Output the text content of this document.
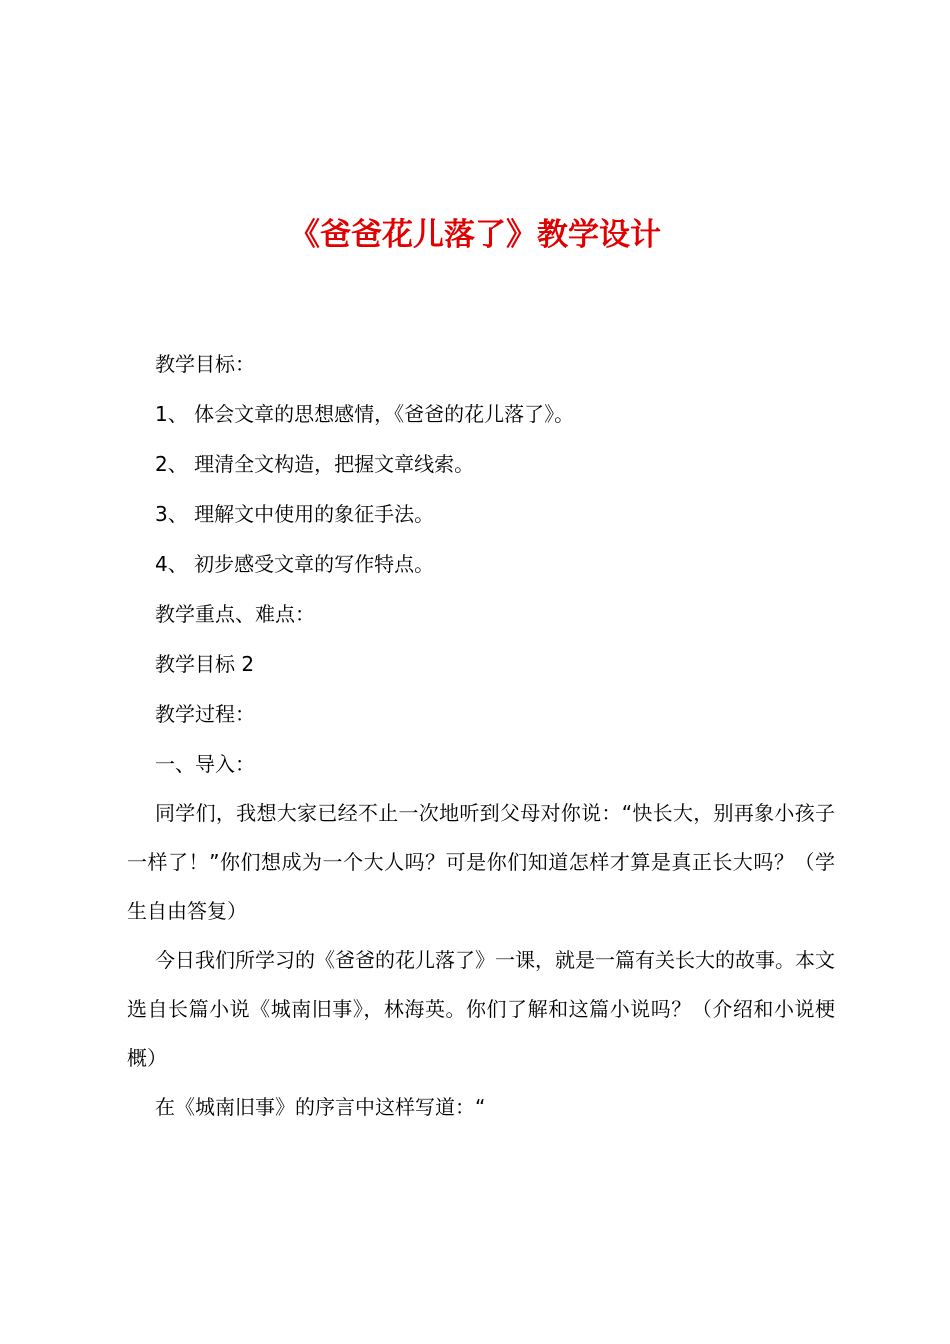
《爸爸花儿落了》教学设计
教学目标：
1、 体会文章的思想感情，《爸爸的花儿落了》。
2、 理清全文构造，把握文章线索。
3、 理解文中使用的象征手法。
4、 初步感受文章的写作特点。
教学重点、难点：
教学目标 2
教学过程：
一、导入：
同学们，我想大家已经不止一次地听到父母对你说：“快长大，别再象小孩子一样了！”你们想成为一个大人吗？可是你们知道怎样才算是真正长大吗？（学生自由答复）
今日我们所学习的《爸爸的花儿落了》一课，就是一篇有关长大的故事。本文选自长篇小说《城南旧事》，林海英。你们了解和这篇小说吗？（介绍和小说梗概）
在《城南旧事》的序言中这样写道：“
